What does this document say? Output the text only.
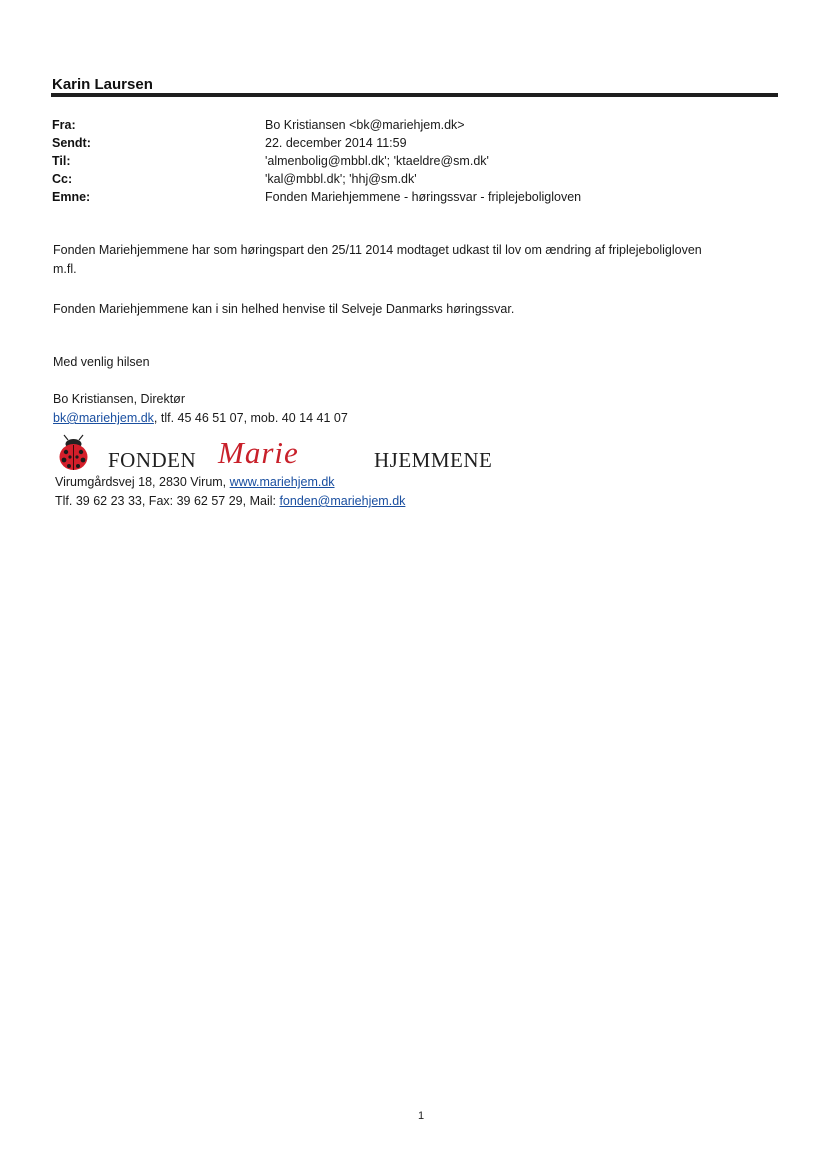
Karin Laursen
Fra:	Bo Kristiansen <bk@mariehjem.dk>
Sendt:	22. december 2014 11:59
Til:	'almenbolig@mbbl.dk'; 'ktaeldre@sm.dk'
Cc:	'kal@mbbl.dk'; 'hhj@sm.dk'
Emne:	Fonden Mariehjemmene - høringssvar - friplejeboligloven

Fonden Mariehjemmene har som høringspart den 25/11 2014 modtaget udkast til lov om ændring af friplejeboligloven m.fl.

Fonden Mariehjemmene kan i sin helhed henvise til Selveje Danmarks høringssvar.

Med venlig hilsen

Bo Kristiansen, Direktør

bk@mariehjem.dk, tlf. 45 46 51 07, mob. 40 14 41 07

FONDEN Marie	HJEMMENE
Virumgårdsvej 18, 2830 Virum, www.mariehjem.dk
Tlf. 39 62 23 33, Fax: 39 62 57 29, Mail: fonden@mariehjem.dk
1
